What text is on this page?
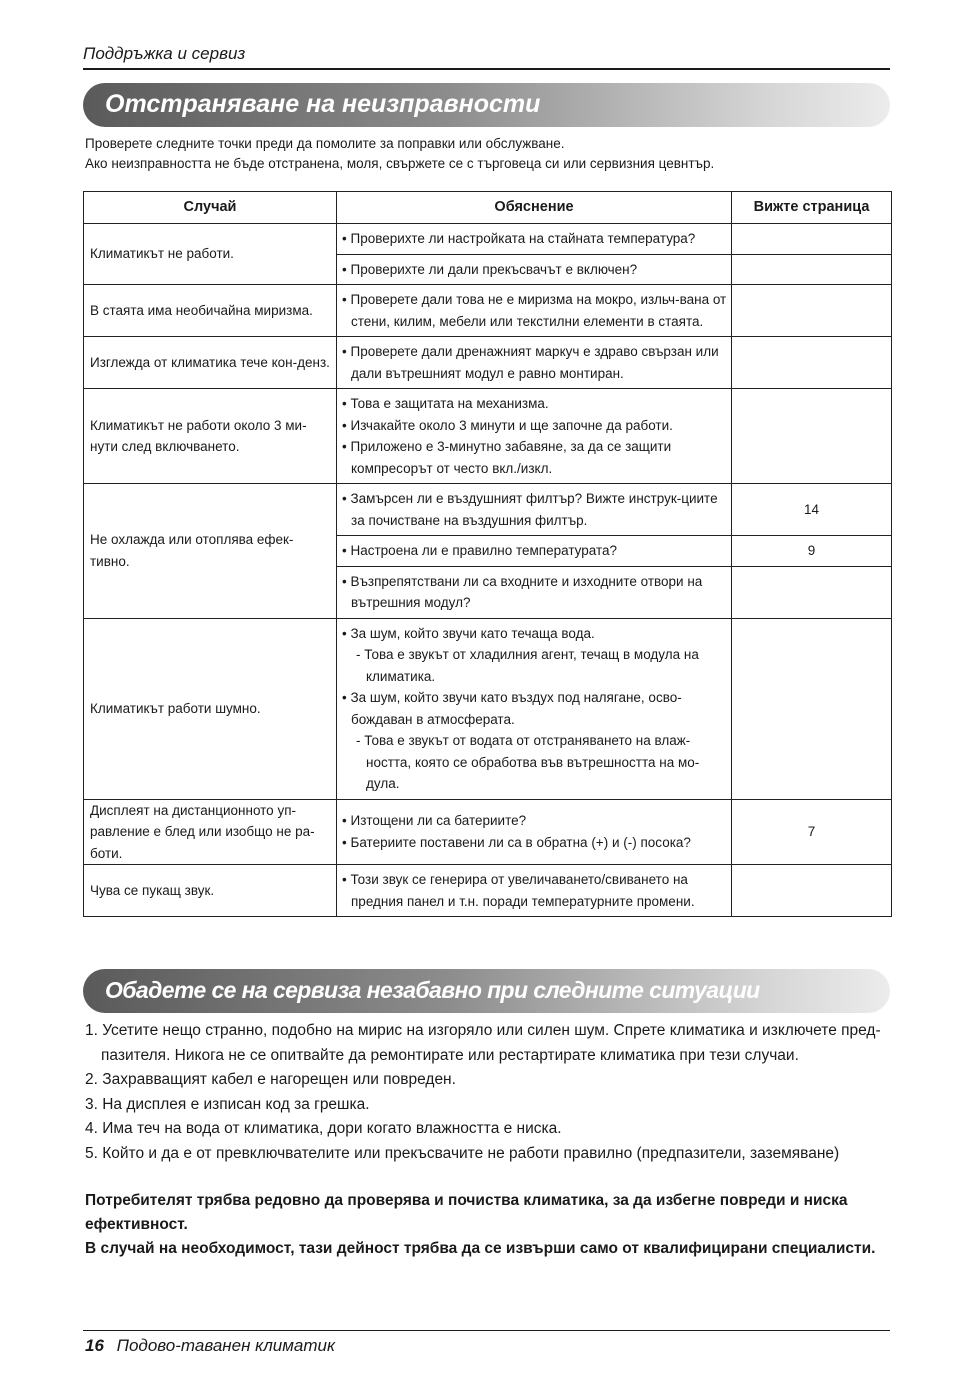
Поддръжка и сервиз
Отстраняване на неизправности
Проверете следните точки преди да помолите за поправки или обслужване.
Ако неизправността не бъде отстранена, моля, свържете се с търговеца си или сервизния цевнтър.
Случай	Обяснение	Вижте страница
Климатикът не работи.	• Проверихте ли настройката на стайната температура?	

	• Проверихте ли дали прекъсвачът е включен?	

В стаята има необичайна миризма.	• Проверете дали това не е миризма на мокро, изльч-вана от стени, килим, мебели или текстилни елементи в стаята.	

Изглежда от климатика тече кон-денз.	• Проверете дали дренажният маркуч е здраво свързан или дали вътрешният модул е равно монтиран.	

Климатикът не работи около 3 ми-нути след включването.	• Това е защитата на механизма.
• Изчакайте около 3 минути и ще започне да работи.
• Приложено е 3-минутно забавяне, за да се защити компресорът от често вкл./изкл.	

Не охлажда или отоплява ефек-тивно.	• Замърсен ли е въздушният филтър? Вижте инструк-циите за почистване на въздушния филтър.	14

	• Настроена ли е правилно температурата?	9

	• Възпрепятствани ли са входните и изходните отвори на вътрешния модул?	

Климатикът работи шумно.	• За шум, който звучи като течаща вода.
- Това е звукът от хладилния агент, течащ в модула на климатика.
• За шум, който звучи като въздух под налягане, осво-бождаван в атмосферата.
- Това е звукът от водата от отстраняването на влаж-ността, която се обработва във вътрешността на мо-дула.	

Дисплеят на дистанционното уп-равление е блед или изобщо не ра-боти.	• Изтощени ли са батериите?
• Батериите поставени ли са в обратна (+) и (-) посока?	7
Чува се пукащ звук.	• Този звук се генерира от увеличаването/свиването на предния панел и т.н. поради температурните промени.	

Обадете се на сервиза незабавно при следните ситуации
1. Усетите нещо странно, подобно на мирис на изгоряло или силен шум. Спрете климатика и изключете пред-пазителя. Никога не се опитвайте да ремонтирате или рестартирате климатика при тези случаи.
2. Захравващият кабел е нагорещен или повреден.
3. На дисплея е изписан код за грешка.
4. Има теч на вода от климатика, дори когато влажността е ниска.
5. Който и да е от превключвателите или прекъсвачите не работи правилно (предпазители, заземяване)
Потребителят трябва редовно да проверява и почиства климатика, за да избегне повреди и ниска ефективност.
В случай на необходимост, тази дейност трябва да се извърши само от квалифицирани специалисти.
16 Подово-таванен климатик
